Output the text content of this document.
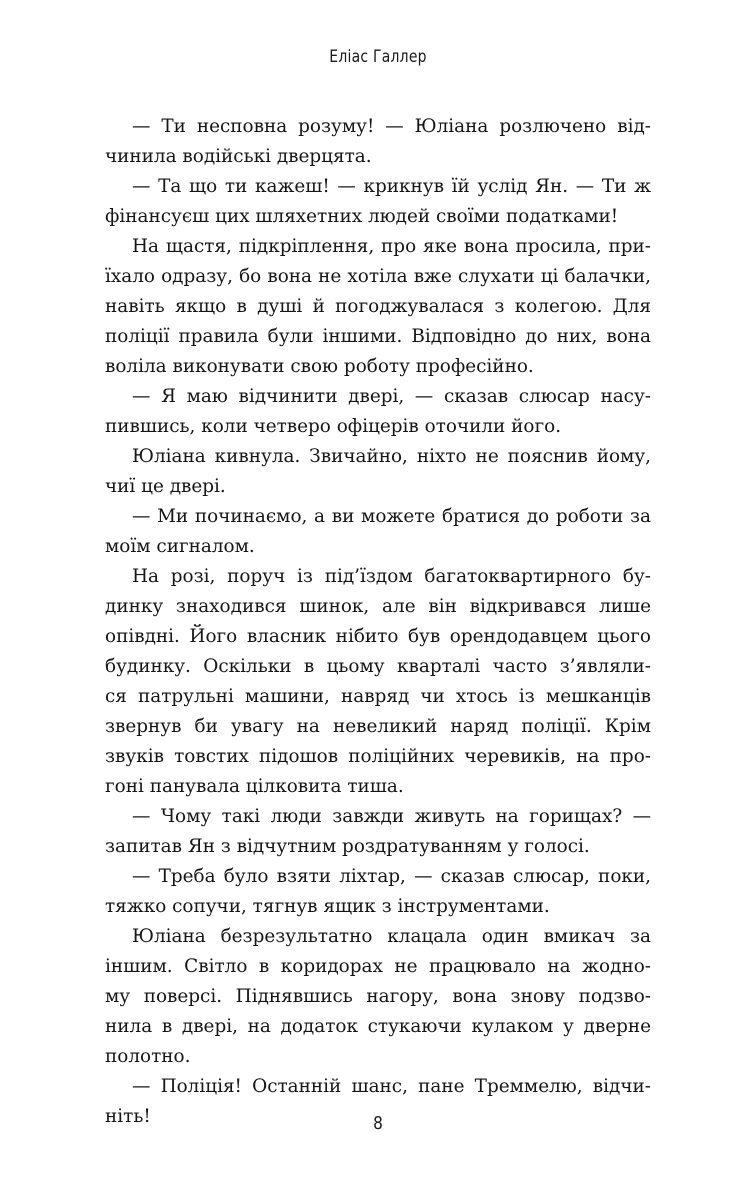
Еліас Галлер
— Ти несповна розуму! — Юліана розлючено від-
чинила водійські дверцята.
— Та що ти кажеш! — крикнув їй услід Ян. — Ти ж
фінансуєш цих шляхетних людей своїми податками!
На щастя, підкріплення, про яке вона просила, при-
їхало одразу, бо вона не хотіла вже слухати ці балачки,
навіть якщо в душі й погоджувалася з колегою. Для
поліції правила були іншими. Відповідно до них, вона
воліла виконувати свою роботу професійно.
— Я маю відчинити двері, — сказав слюсар насу-
пившись, коли четверо офіцерів оточили його.
Юліана кивнула. Звичайно, ніхто не пояснив йому,
чиї це двері.
— Ми починаємо, а ви можете братися до роботи за
моїм сигналом.
На розі, поруч із під’їздом багатоквартирного бу-
динку знаходився шинок, але він відкривався лише
опівдні. Його власник нібито був орендодавцем цього
будинку. Оскільки в цьому кварталі часто з’являли-
ся патрульні машини, навряд чи хтось із мешканців
звернув би увагу на невеликий наряд поліції. Крім
звуків товстих підошов поліційних черевиків, на про-
гоні панувала цілковита тиша.
— Чому такі люди завжди живуть на горищах? —
запитав Ян з відчутним роздратуванням у голосі.
— Треба було взяти ліхтар, — сказав слюсар, поки,
тяжко сопучи, тягнув ящик з інструментами.
Юліана безрезультатно клацала один вмикач за
іншим. Світло в коридорах не працювало на жодно-
му поверсі. Піднявшись нагору, вона знову подзво-
нила в двері, на додаток стукаючи кулаком у дверне
полотно.
— Поліція! Останній шанс, пане Треммелю, відчи-
ніть!	8
